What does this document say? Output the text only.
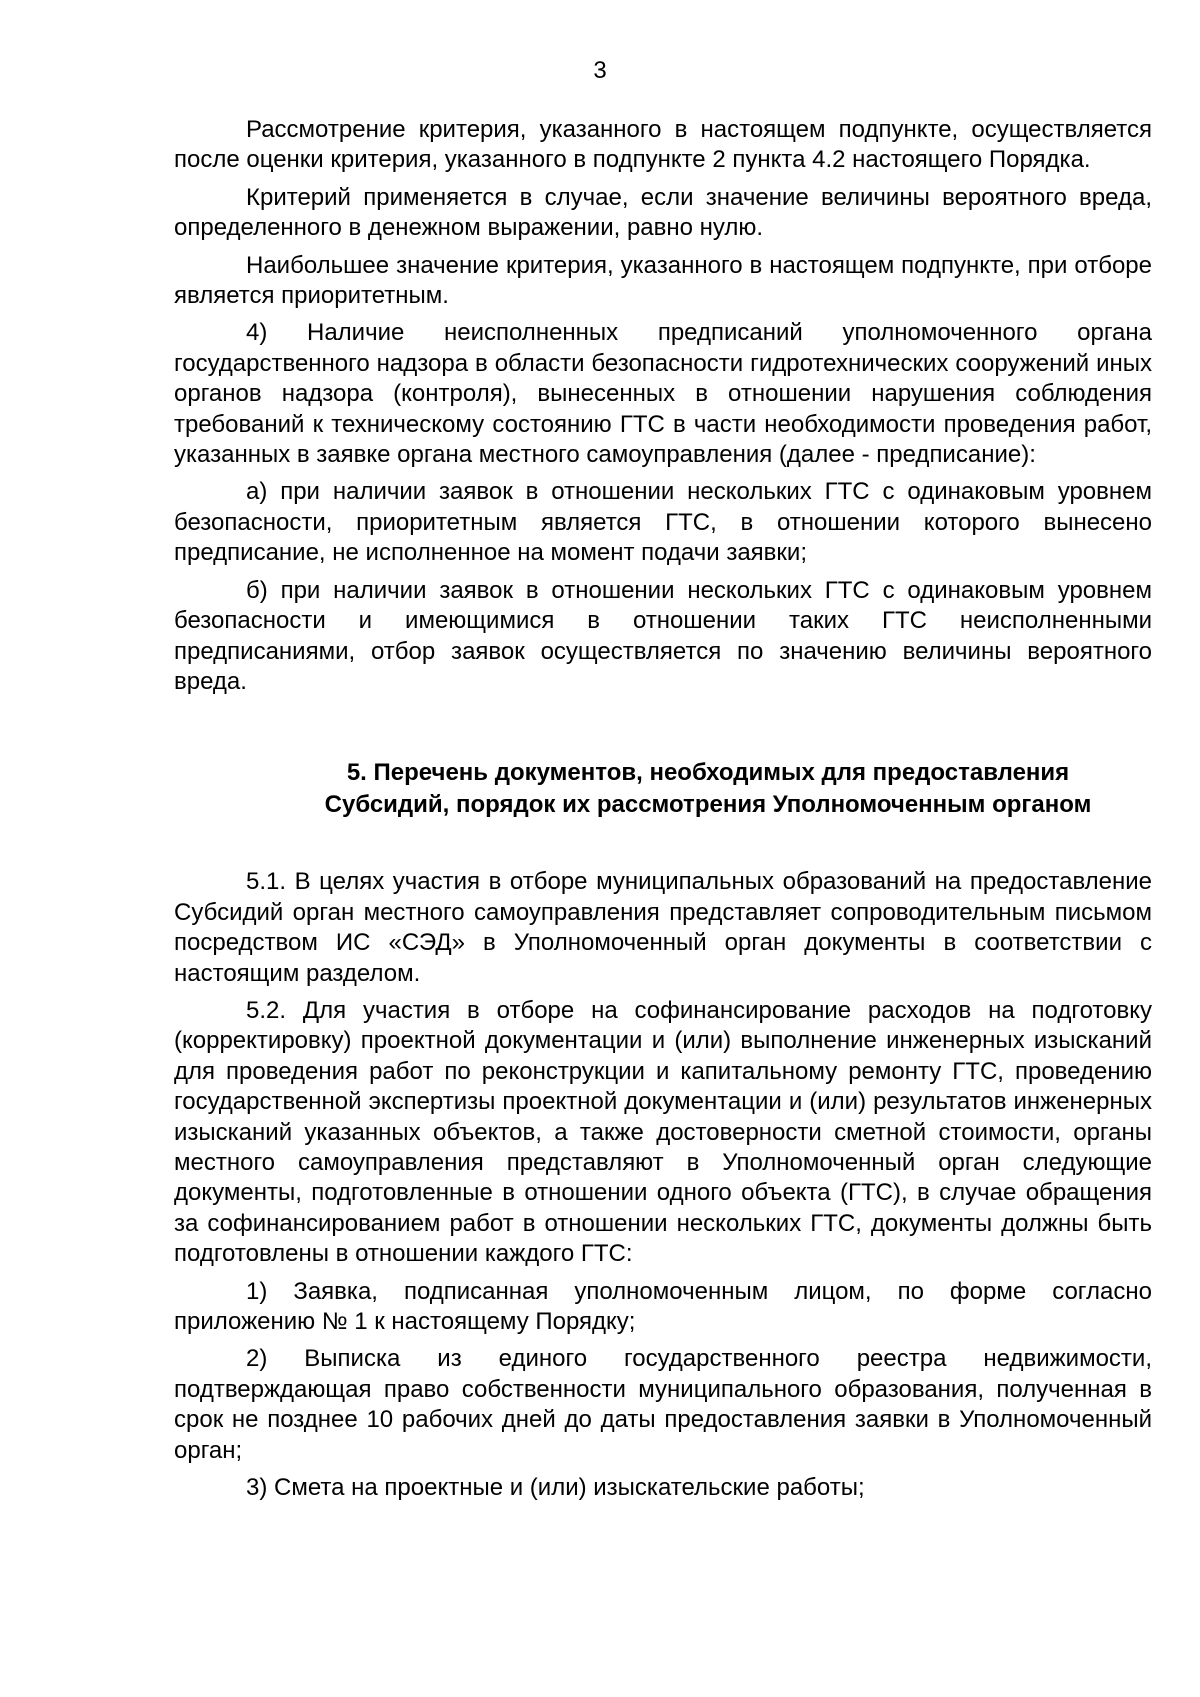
3

Рассмотрение критерия, указанного в настоящем подпункте, осуществляется после оценки критерия, указанного в подпункте 2 пункта 4.2 настоящего Порядка.

Критерий применяется в случае, если значение величины вероятного вреда, определенного в денежном выражении, равно нулю.

Наибольшее значение критерия, указанного в настоящем подпункте, при отборе является приоритетным.

4) Наличие неисполненных предписаний уполномоченного органа государственного надзора в области безопасности гидротехнических сооружений иных органов надзора (контроля), вынесенных в отношении нарушения соблюдения требований к техническому состоянию ГТС в части необходимости проведения работ, указанных в заявке органа местного самоуправления (далее - предписание):

а) при наличии заявок в отношении нескольких ГТС с одинаковым уровнем безопасности, приоритетным является ГТС, в отношении которого вынесено предписание, не исполненное на момент подачи заявки;

б) при наличии заявок в отношении нескольких ГТС с одинаковым уровнем безопасности и имеющимися в отношении таких ГТС неисполненными предписаниями, отбор заявок осуществляется по значению величины вероятного вреда.

5. Перечень документов, необходимых для предоставления
Субсидий, порядок их рассмотрения Уполномоченным органом

5.1. В целях участия в отборе муниципальных образований на предоставление Субсидий орган местного самоуправления представляет сопроводительным письмом посредством ИС «СЭД» в Уполномоченный орган документы в соответствии с настоящим разделом.

5.2. Для участия в отборе на софинансирование расходов на подготовку (корректировку) проектной документации и (или) выполнение инженерных изысканий для проведения работ по реконструкции и капитальному ремонту ГТС, проведению государственной экспертизы проектной документации и (или) результатов инженерных изысканий указанных объектов, а также достоверности сметной стоимости, органы местного самоуправления представляют в Уполномоченный орган следующие документы, подготовленные в отношении одного объекта (ГТС), в случае обращения за софинансированием работ в отношении нескольких ГТС, документы должны быть подготовлены в отношении каждого ГТС:

1) Заявка, подписанная уполномоченным лицом, по форме согласно приложению № 1 к настоящему Порядку;

2) Выписка из единого государственного реестра недвижимости, подтверждающая право собственности муниципального образования, полученная в срок не позднее 10 рабочих дней до даты предоставления заявки в Уполномоченный орган;

3) Смета на проектные и (или) изыскательские работы;
